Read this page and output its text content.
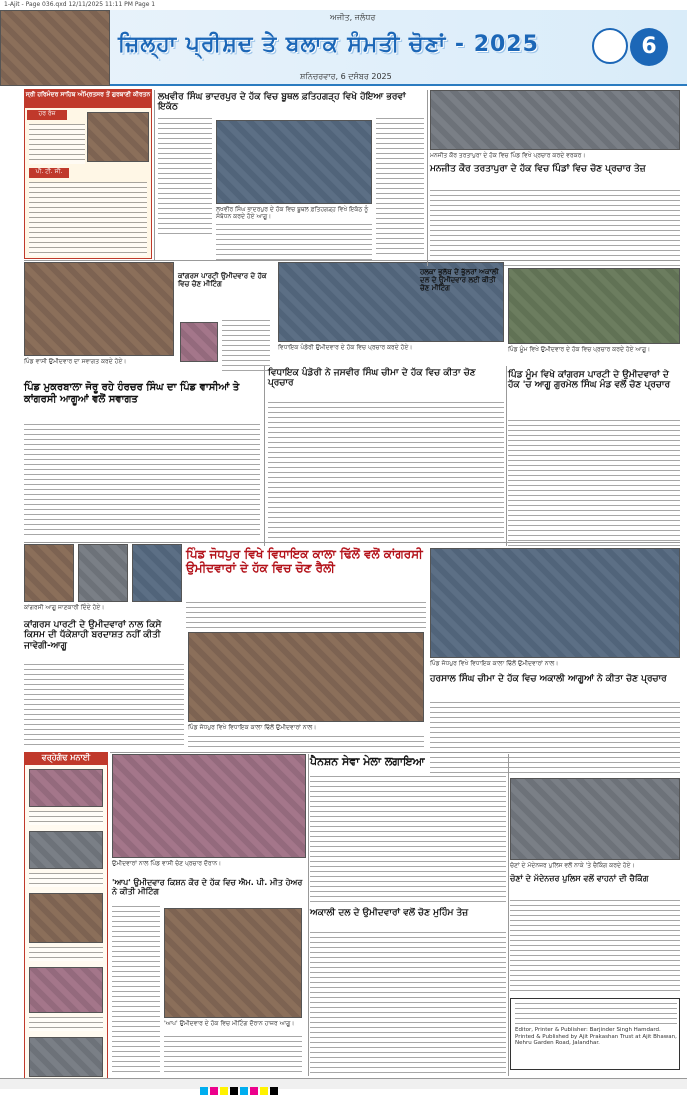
1-Ajit - Page 036.qxd 12/11/2025 11:11 PM Page 1
ਅਜੀਤ, ਜਲੰਧਰ
ਜ਼ਿਲ੍ਹਾ ਪ੍ਰੀਸ਼ਦ ਤੇ ਬਲਾਕ ਸੰਮਤੀ ਚੋਣਾਂ - 2025
ਸ਼ਨਿਚਰਵਾਰ, 6 ਦਸੰਬਰ 2025
6
ਸ੍ਰੀ ਹਰਿਮੰਦਰ ਸਾਹਿਬ ਅੰਮ੍ਰਿਤਸਰ ਤੋਂ ਗੁਰਬਾਣੀ ਕੀਰਤਨ
ਹਰ ਰੋਜ਼
ਪੀ. ਟੀ. ਸੀ.
ਲਖਵੀਰ ਸਿੰਘ ਭਾਦਰਪੁਰ ਦੇ ਹੱਕ ਵਿਚ ਬੂਥਲ ਫ਼ਤਿਹਗੜ੍ਹ ਵਿਖੇ ਹੋਇਆ ਭਰਵਾਂ ਇਕੱਠ
ਲਖਵੀਰ ਸਿੰਘ ਭਾਦਰਪੁਰ ਦੇ ਹੱਕ ਵਿਚ ਬੂਥਲ ਫ਼ਤਿਹਗੜ੍ਹ ਵਿਖੇ ਇਕੱਠ ਨੂੰ ਸੰਬੋਧਨ ਕਰਦੇ ਹੋਏ ਆਗੂ।
ਮਨਜੀਤ ਕੌਰ ਤਰਤਾਪੁਰਾ ਦੇ ਹੱਕ ਵਿਚ ਪਿੰਡ ਵਿਖੇ ਪ੍ਰਚਾਰ ਕਰਦੇ ਵਰਕਰ।
ਮਨਜੀਤ ਕੌਰ ਤਰਤਾਪੁਰਾ ਦੇ ਹੱਕ ਵਿਚ ਪਿੰਡਾਂ ਵਿਚ ਚੋਣ ਪ੍ਰਚਾਰ ਤੇਜ਼
ਪਿੰਡ ਵਾਸੀ ਉਮੀਦਵਾਰ ਦਾ ਸਵਾਗਤ ਕਰਦੇ ਹੋਏ।
ਕਾਂਗਰਸ ਪਾਰਟੀ ਉਮੀਦਵਾਰ ਦੇ ਹੱਕ ਵਿਚ ਚੋਣ ਮੀਟਿੰਗ
ਵਿਧਾਇਕ ਪੰਡੋਰੀ ਉਮੀਦਵਾਰ ਦੇ ਹੱਕ ਵਿਚ ਪ੍ਰਚਾਰ ਕਰਦੇ ਹੋਏ।
ਹਲਕਾ ਭੁਲੱਥ ਦੇ ਭੁੱਲਰਾਂ ਅਕਾਲੀ ਦਲ ਦੇ ਉਮੀਦਵਾਰ ਲਈ ਕੀਤੀ ਚੋਣ ਮੀਟਿੰਗ
ਪਿੰਡ ਮੂੰਮ ਵਿਖੇ ਉਮੀਦਵਾਰ ਦੇ ਹੱਕ ਵਿਚ ਪ੍ਰਚਾਰ ਕਰਦੇ ਹੋਏ ਆਗੂ।
ਪਿੰਡ ਮੁਕਰਬਾਲਾ ਜੋਰੂ ਰਹੇ ਹੰਰਚਰ ਸਿੰਘ ਦਾ ਪਿੰਡ ਵਾਸੀਆਂ ਤੇ ਕਾਂਗਰਸੀ ਆਗੂਆਂ ਵਲੋਂ ਸਵਾਗਤ
ਵਿਧਾਇਕ ਪੰਡੋਰੀ ਨੇ ਜਸਵੀਰ ਸਿੰਘ ਚੀਮਾ ਦੇ ਹੱਕ ਵਿਚ ਕੀਤਾ ਚੋਣ ਪ੍ਰਚਾਰ
ਪਿੰਡ ਮੂੰਮ ਵਿਖੇ ਕਾਂਗਰਸ ਪਾਰਟੀ ਦੇ ਉਮੀਦਵਾਰਾਂ ਦੇ ਹੱਕ 'ਚ ਆਗੂ ਗੁਰਮੇਲ ਸਿੰਘ ਮੰਡ ਵਲੋਂ ਚੋਣ ਪ੍ਰਚਾਰ
ਕਾਂਗਰਸੀ ਆਗੂ ਜਾਣਕਾਰੀ ਦਿੰਦੇ ਹੋਏ।
ਪਿੰਡ ਜੋਧਪੁਰ ਵਿਖੇ ਵਿਧਾਇਕ ਕਾਲਾ ਢਿੱਲੋਂ ਵਲੋਂ ਕਾਂਗਰਸੀ ਉਮੀਦਵਾਰਾਂ ਦੇ ਹੱਕ ਵਿਚ ਚੋਣ ਰੈਲੀ
ਪਿੰਡ ਜੋਧਪੁਰ ਵਿਖੇ ਵਿਧਾਇਕ ਕਾਲਾ ਢਿੱਲੋਂ ਉਮੀਦਵਾਰਾਂ ਨਾਲ।
ਕਾਂਗਰਸ ਪਾਰਟੀ ਦੇ ਉਮੀਦਵਾਰਾਂ ਨਾਲ ਕਿਸੇ ਕਿਸਮ ਦੀ ਧੱਕੇਸ਼ਾਹੀ ਬਰਦਾਸ਼ਤ ਨਹੀਂ ਕੀਤੀ ਜਾਵੇਗੀ-ਆਗੂ
ਪਿੰਡ ਜੋਧਪੁਰ ਵਿਖੇ ਵਿਧਾਇਕ ਕਾਲਾ ਢਿੱਲੋਂ ਉਮੀਦਵਾਰਾਂ ਨਾਲ।
ਹਰਸਾਲ ਸਿੰਘ ਚੀਮਾ ਦੇ ਹੱਕ ਵਿਚ ਅਕਾਲੀ ਆਗੂਆਂ ਨੇ ਕੀਤਾ ਚੋਣ ਪ੍ਰਚਾਰ
ਵਰ੍ਹੇਗੰਢ ਮਨਾਈ
ਉਮੀਦਵਾਰਾਂ ਨਾਲ ਪਿੰਡ ਵਾਸੀ ਚੋਣ ਪ੍ਰਚਾਰ ਦੌਰਾਨ।
ਪੈਨਸ਼ਨ ਸੇਵਾ ਮੇਲਾ ਲਗਾਇਆ
ਚੋਣਾਂ ਦੇ ਮੱਦੇਨਜ਼ਰ ਪੁਲਿਸ ਵਲੋਂ ਨਾਕੇ 'ਤੇ ਚੈਕਿੰਗ ਕਰਦੇ ਹੋਏ।
ਚੋਣਾਂ ਦੇ ਮੱਦੇਨਜ਼ਰ ਪੁਲਿਸ ਵਲੋਂ ਵਾਹਨਾਂ ਦੀ ਚੈਕਿੰਗ
'ਆਪ' ਉਮੀਦਵਾਰ ਕਿਸ਼ਨ ਕੌਰ ਦੇ ਹੱਕ ਵਿਚ ਐਮ. ਪੀ. ਮੀਤ ਹੇਅਰ ਨੇ ਕੀਤੀ ਮੀਟਿੰਗ
'ਆਪ' ਉਮੀਦਵਾਰ ਦੇ ਹੱਕ ਵਿਚ ਮੀਟਿੰਗ ਦੌਰਾਨ ਹਾਜ਼ਰ ਆਗੂ।
ਅਕਾਲੀ ਦਲ ਦੇ ਉਮੀਦਵਾਰਾਂ ਵਲੋਂ ਚੋਣ ਮੁਹਿੰਮ ਤੇਜ਼
Editor, Printer & Publisher: Barjinder Singh Hamdard. Printed & Published by Ajit Prakashan Trust at Ajit Bhawan, Nehru Garden Road, Jalandhar.
